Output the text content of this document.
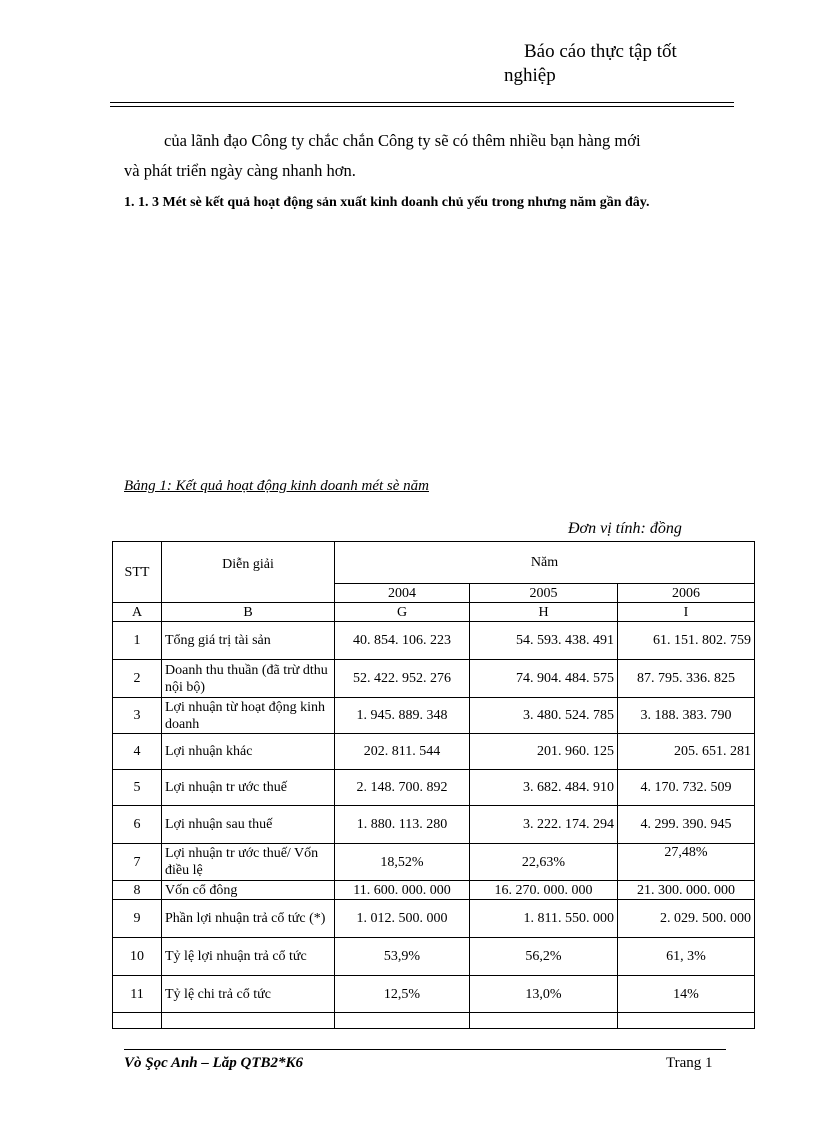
Báo cáo thực tập tốt
nghiệp
của lãnh đạo Công ty chắc chắn Công ty sẽ có thêm nhiều bạn hàng mới
và phát triển ngày càng nhanh hơn.
1. 1. 3 Mét sè kết quả hoạt động sản xuất kinh doanh chủ yếu trong nhưng năm gần đây.
Bảng 1: Kết quả hoạt động kinh doanh mét sè năm
Đơn vị tính: đồng
STT	Diễn giải	Năm		
		2004	2005	2006
A	B	G	H	I
1	Tổng giá trị tài sản	40. 854. 106. 223	54. 593. 438. 491	61. 151. 802. 759
2	Doanh thu thuần (đã trừ dthu nội bộ)	52. 422. 952. 276	74. 904. 484. 575	87. 795. 336. 825
3	Lợi nhuận từ hoạt động kinh doanh	1. 945. 889. 348	3. 480. 524. 785	3. 188. 383. 790
4	Lợi nhuận khác	202. 811. 544	201. 960. 125	205. 651. 281
5	Lợi nhuận tr ước thuế	2. 148. 700. 892	3. 682. 484. 910	4. 170. 732. 509
6	Lợi nhuận sau thuế	1. 880. 113. 280	3. 222. 174. 294	4. 299. 390. 945
7	Lợi nhuận tr ước thuế/ Vốn điều lệ	18,52%	22,63%	27,48%
8	Vốn cổ đông	11. 600. 000. 000	16. 270. 000. 000	21. 300. 000. 000
9	Phần lợi nhuận trả cổ tức (*)	1. 012. 500. 000	1. 811. 550. 000	2. 029. 500. 000
10	Tỷ lệ lợi nhuận trả cổ tức	53,9%	56,2%	61, 3%
11	Tỷ lệ chi trả cổ tức	12,5%	13,0%	14%

Vò Şọc Anh – Lăp QTB2*K6	Trang 1
